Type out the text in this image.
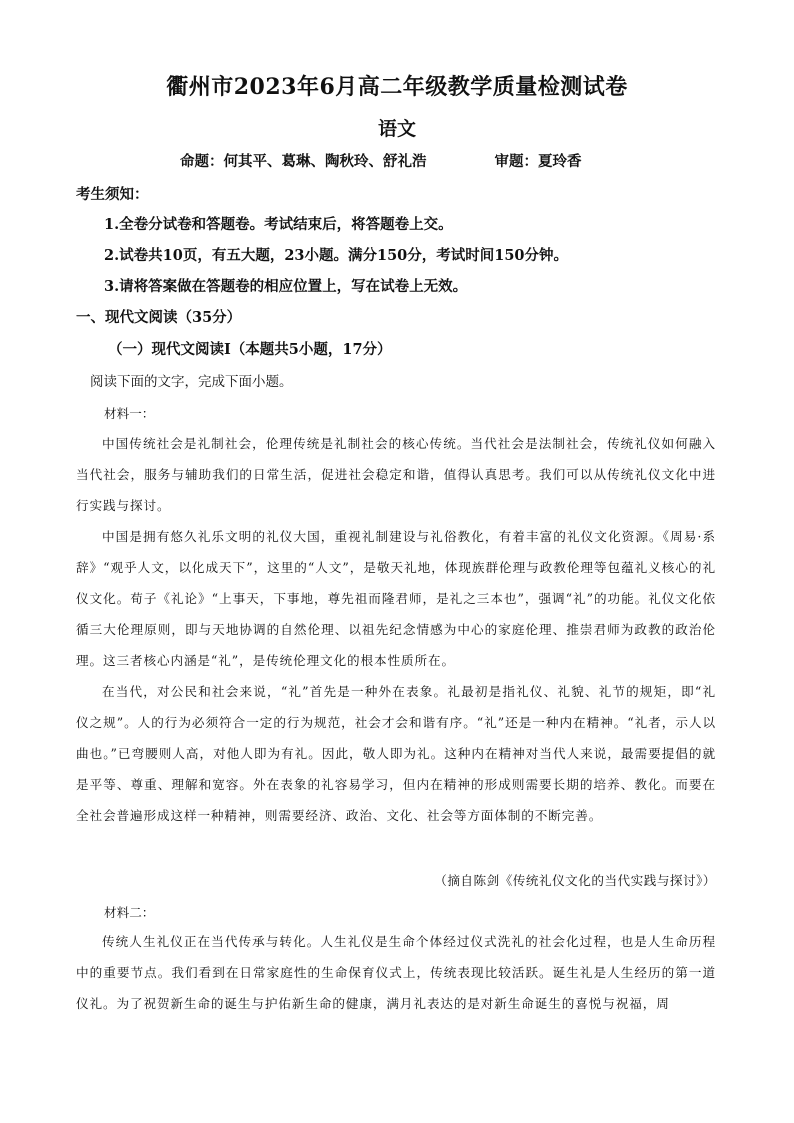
衢州市2023年6月高二年级教学质量检测试卷
语文
命题：何其平、葛琳、陶秋玲、舒礼浩	审题：夏玲香
考生须知：
1.全卷分试卷和答题卷。考试结束后，将答题卷上交。
2.试卷共10页，有五大题，23小题。满分150分，考试时间150分钟。
3.请将答案做在答题卷的相应位置上，写在试卷上无效。
一、现代文阅读（35分）
（一）现代文阅读Ⅰ（本题共5小题，17分）
阅读下面的文字，完成下面小题。
材料一：
中国传统社会是礼制社会，伦理传统是礼制社会的核心传统。当代社会是法制社会，传统礼仪如何融入当代社会，服务与辅助我们的日常生活，促进社会稳定和谐，值得认真思考。我们可以从传统礼仪文化中进行实践与探讨。
中国是拥有悠久礼乐文明的礼仪大国，重视礼制建设与礼俗教化，有着丰富的礼仪文化资源。《周易·系辞》“观乎人文，以化成天下”，这里的“人文”，是敬天礼地，体现族群伦理与政教伦理等包蕴礼义核心的礼仪文化。荀子《礼论》“上事天，下事地，尊先祖而隆君师，是礼之三本也”，强调“礼”的功能。礼仪文化依循三大伦理原则，即与天地协调的自然伦理、以祖先纪念情感为中心的家庭伦理、推崇君师为政教的政治伦理。这三者核心内涵是“礼”，是传统伦理文化的根本性质所在。
在当代，对公民和社会来说，“礼”首先是一种外在表象。礼最初是指礼仪、礼貌、礼节的规矩，即“礼仪之规”。人的行为必须符合一定的行为规范，社会才会和谐有序。“礼”还是一种内在精神。“礼者，示人以曲也。”已弯腰则人高，对他人即为有礼。因此，敬人即为礼。这种内在精神对当代人来说，最需要提倡的就是平等、尊重、理解和宽容。外在表象的礼容易学习，但内在精神的形成则需要长期的培养、教化。而要在全社会普遍形成这样一种精神，则需要经济、政治、文化、社会等方面体制的不断完善。
（摘自陈剑《传统礼仪文化的当代实践与探讨》）
材料二：
传统人生礼仪正在当代传承与转化。人生礼仪是生命个体经过仪式洗礼的社会化过程，也是人生命历程中的重要节点。我们看到在日常家庭性的生命保育仪式上，传统表现比较活跃。诞生礼是人生经历的第一道仪礼。为了祝贺新生命的诞生与护佑新生命的健康，满月礼表达的是对新生命诞生的喜悦与祝福，周
